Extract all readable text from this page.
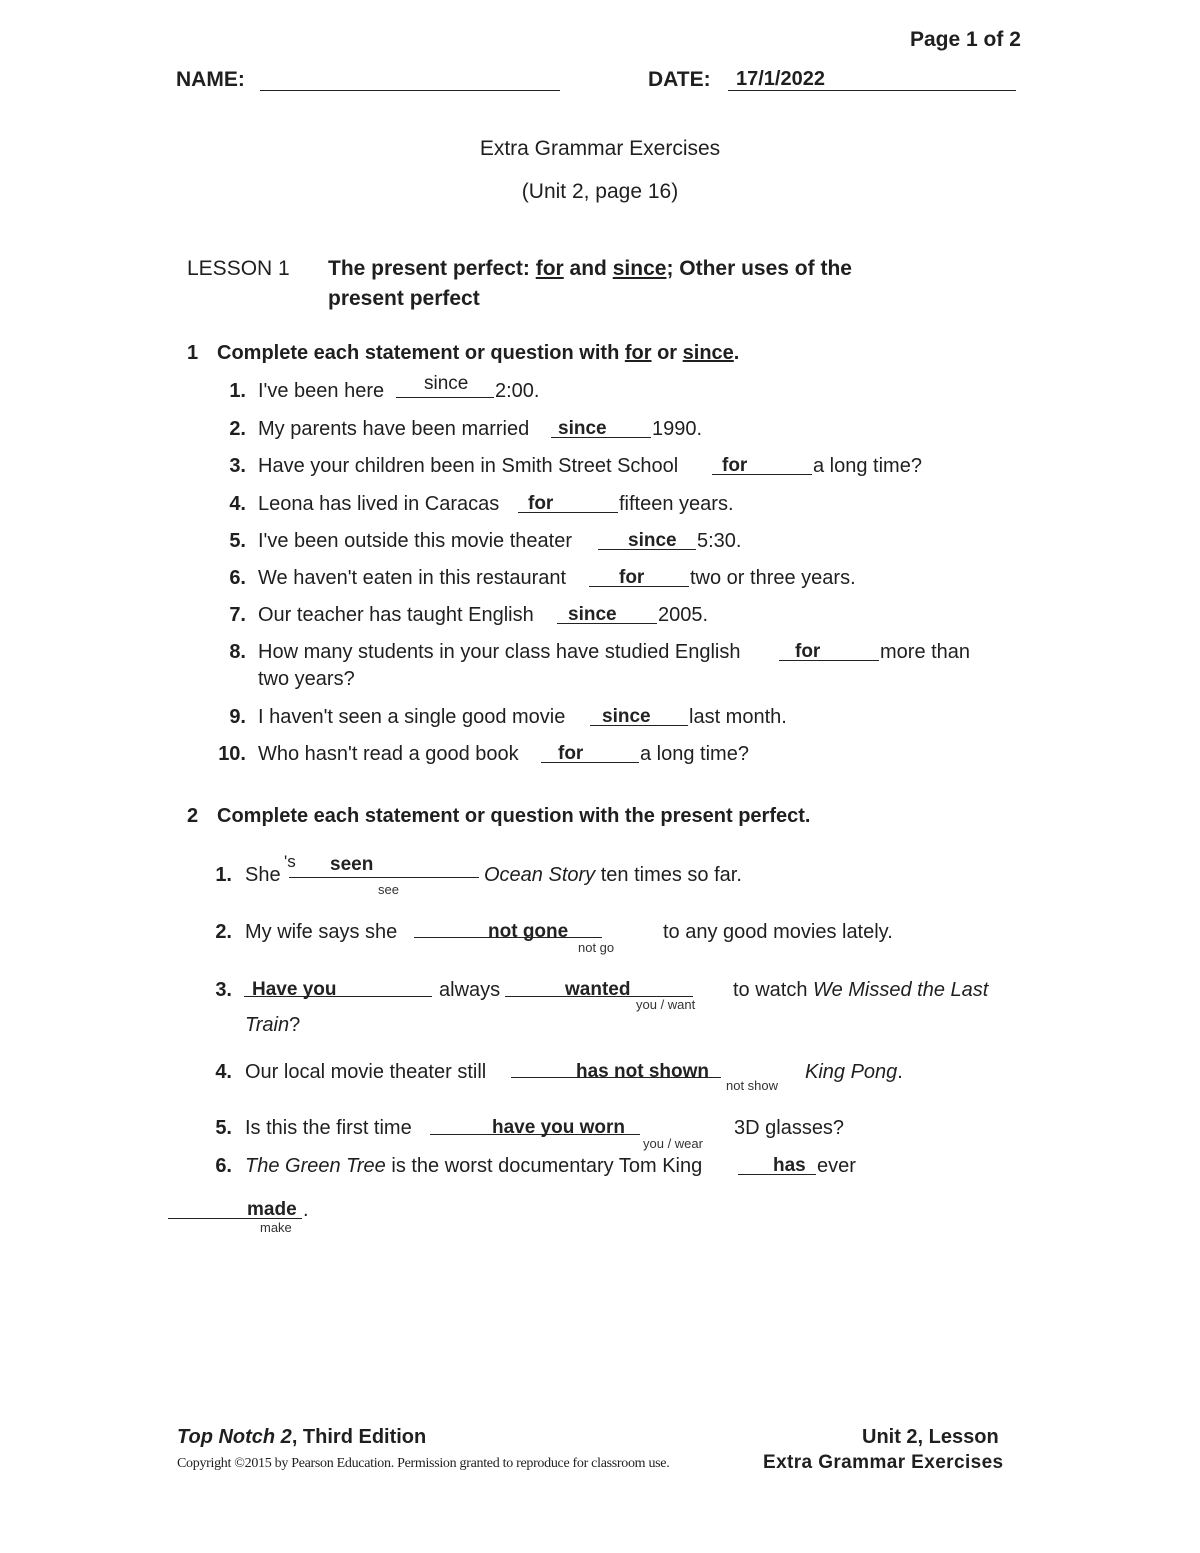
Page 1 of 2
NAME:	DATE: 17/1/2022
Extra Grammar Exercises
(Unit 2, page 16)
LESSON 1 The present perfect: for and since; Other uses of the
present perfect
1 Complete each statement or question with for or since.
1. I've been here since 2:00.
2. My parents have been married since 1990.
3. Have your children been in Smith Street School for	a long time?
4. Leona has lived in Caracas for	fifteen years.
5. I've been outside this movie theater	since 5:30.
6. We haven't eaten in this restaurant	for two or three years.
7. Our teacher has taught English since 2005.
8. How many students in your class have studied English	for	more than
two years?
9. I haven't seen a single good movie since last month.
10. Who hasn't read a good book for	a long time?
2 Complete each statement or question with the present perfect.
1. She
's seen
see
Ocean Story ten times so far.
2. My wife says she	not gone
not go
to any good movies lately.
3. Have you	always	wanted
you / want
to watch We Missed the Last
Train?
4. Our local movie theater still	has not shown
not show
King Pong.
5. Is this the first time	have you worn
you / wear
3D glasses?
6. The Green Tree is the worst documentary Tom King	has ever
made .
make
Top Notch 2, Third Edition	Unit 2, Lesson
Copyright ©2015 by Pearson Education. Permission granted to reproduce for classroom use.	Extra Grammar Exercises
